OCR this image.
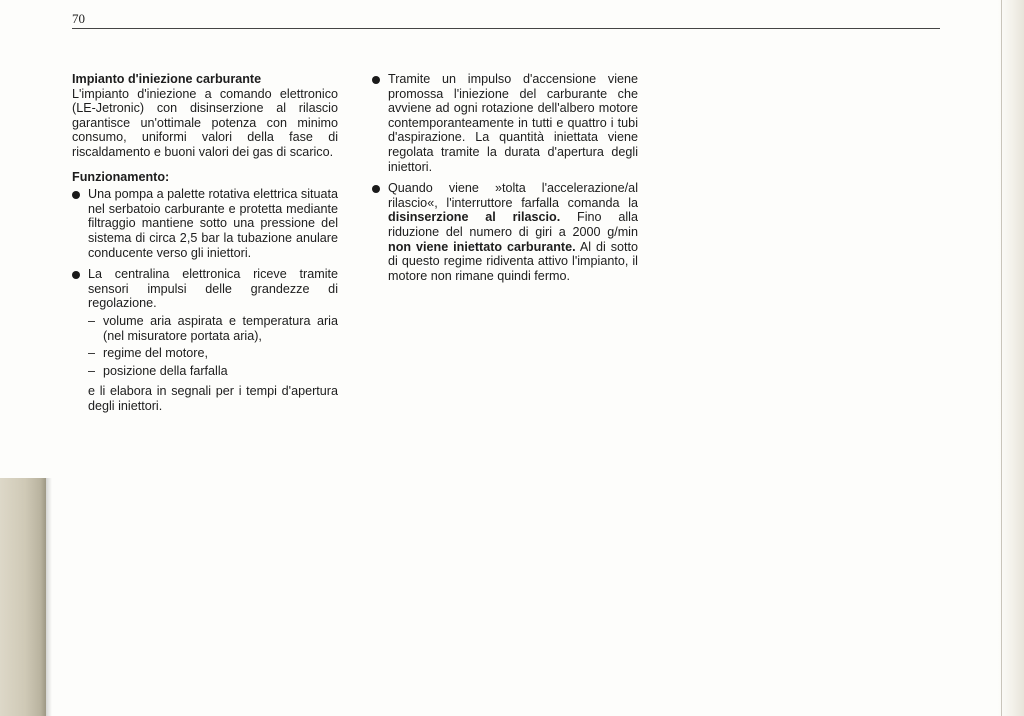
70

Impianto d'iniezione carburante

L'impianto d'iniezione a comando elettronico (LE-Jetronic) con disinserzione al rilascio garantisce un'ottimale potenza con minimo consumo, uniformi valori della fase di riscaldamento e buoni valori dei gas di scarico.

Funzionamento:

Una pompa a palette rotativa elettrica situata nel serbatoio carburante e protetta mediante filtraggio mantiene sotto una pressione del sistema di circa 2,5 bar la tubazione anulare conducente verso gli iniettori.
La centralina elettronica riceve tramite sensori impulsi delle grandezze di regolazione.
– volume aria aspirata e temperatura aria (nel misuratore portata aria),
– regime del motore,
– posizione della farfalla

e li elabora in segnali per i tempi d'apertura degli iniettori.

Tramite un impulso d'accensione viene promossa l'iniezione del carburante che avviene ad ogni rotazione dell'albero motore contemporanteamente in tutti e quattro i tubi d'aspirazione. La quantità iniettata viene regolata tramite la durata d'apertura degli iniettori.
Quando viene »tolta l'accelerazione/al rilascio«, l'interruttore farfalla comanda la disinserzione al rilascio. Fino alla riduzione del numero di giri a 2000 g/min non viene iniettato carburante. Al di sotto di questo regime ridiventa attivo l'impianto, il motore non rimane quindi fermo.
